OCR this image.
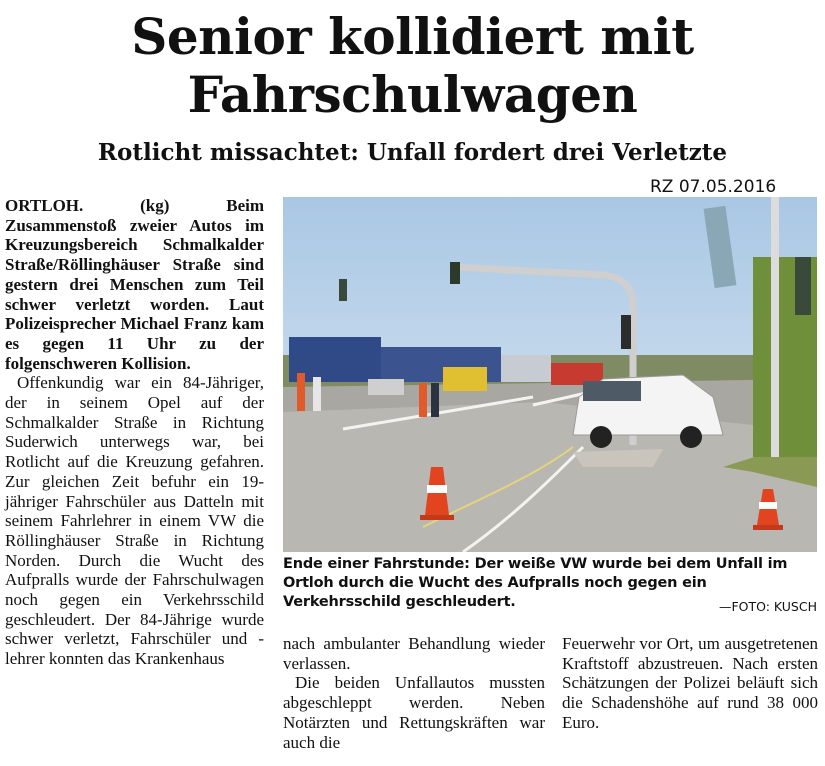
Senior kollidiert mit
Fahrschulwagen
Rotlicht missachtet: Unfall fordert drei Verletzte
RZ 07.05.2016

ORTLOH. (kg) Beim Zusammenstoß zweier Autos im Kreuzungsbereich Schmalkalder Straße/Röllinghäuser Straße sind gestern drei Menschen zum Teil schwer verletzt worden. Laut Polizeisprecher Michael Franz kam es gegen 11 Uhr zu der folgenschweren Kollision.

Offenkundig war ein 84-Jähriger, der in seinem Opel auf der Schmalkalder Straße in Richtung Suderwich unterwegs war, bei Rotlicht auf die Kreuzung gefahren. Zur gleichen Zeit befuhr ein 19-jähriger Fahrschüler aus Datteln mit seinem Fahrlehrer in einem VW die Röllinghäuser Straße in Richtung Norden. Durch die Wucht des Aufpralls wurde der Fahrschulwagen noch gegen ein Verkehrsschild geschleudert. Der 84-Jährige wurde schwer verletzt, Fahrschüler und -lehrer konnten das Krankenhaus

Ende einer Fahrstunde: Der weiße VW wurde bei dem Unfall im Ortloh durch die Wucht des Aufpralls noch gegen ein Verkehrsschild geschleudert.	—FOTO: KUSCH

nach ambulanter Behandlung wieder verlassen.

Die beiden Unfallautos mussten abgeschleppt werden. Neben Notärzten und Rettungskräften war auch die

Feuerwehr vor Ort, um ausgetretenen Kraftstoff abzustreuen. Nach ersten Schätzungen der Polizei beläuft sich die Schadenshöhe auf rund 38 000 Euro.
